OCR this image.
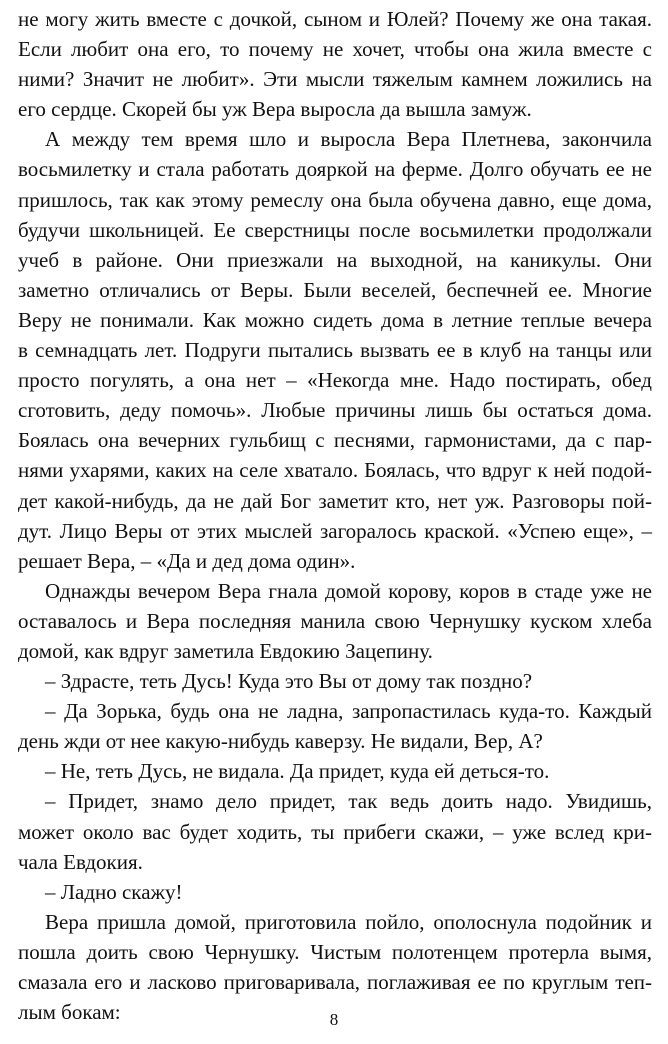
не могу жить вместе с дочкой, сыном и Юлей? Почему же она такая.
Если любит она его, то почему не хочет, чтобы она жила вместе с
ними? Значит не любит». Эти мысли тяжелым камнем ложились на
его сердце. Скорей бы уж Вера выросла да вышла замуж.
А между тем время шло и выросла Вера Плетнева, закончила
восьмилетку и стала работать дояркой на ферме. Долго обучать ее не
пришлось, так как этому ремеслу она была обучена давно, еще дома,
будучи школьницей. Ее сверстницы после восьмилетки продолжали
учеб в районе. Они приезжали на выходной, на каникулы. Они
заметно отличались от Веры. Были веселей, беспечней ее. Многие
Веру не понимали. Как можно сидеть дома в летние теплые вечера
в семнадцать лет. Подруги пытались вызвать ее в клуб на танцы или
просто погулять, а она нет – «Некогда мне. Надо постирать, обед
сготовить, деду помочь». Любые причины лишь бы остаться дома.
Боялась она вечерних гульбищ с песнями, гармонистами, да с пар-
нями ухарями, каких на селе хватало. Боялась, что вдруг к ней подой-
дет какой-нибудь, да не дай Бог заметит кто, нет уж. Разговоры пой-
дут. Лицо Веры от этих мыслей загоралось краской. «Успею еще», –
решает Вера, – «Да и дед дома один».
Однажды вечером Вера гнала домой корову, коров в стаде уже не
оставалось и Вера последняя манила свою Чернушку куском хлеба
домой, как вдруг заметила Евдокию Зацепину.
– Здрасте, теть Дусь! Куда это Вы от дому так поздно?
– Да Зорька, будь она не ладна, запропастилась куда-то. Каждый
день жди от нее какую-нибудь каверзу. Не видали, Вер, А?
– Не, теть Дусь, не видала. Да придет, куда ей деться-то.
– Придет, знамо дело придет, так ведь доить надо. Увидишь,
может около вас будет ходить, ты прибеги скажи, – уже вслед кри-
чала Евдокия.
– Ладно скажу!
Вера пришла домой, приготовила пойло, ополоснула подойник и
пошла доить свою Чернушку. Чистым полотенцем протерла вымя,
смазала его и ласково приговаривала, поглаживая ее по круглым теп-
лым бокам:	8
